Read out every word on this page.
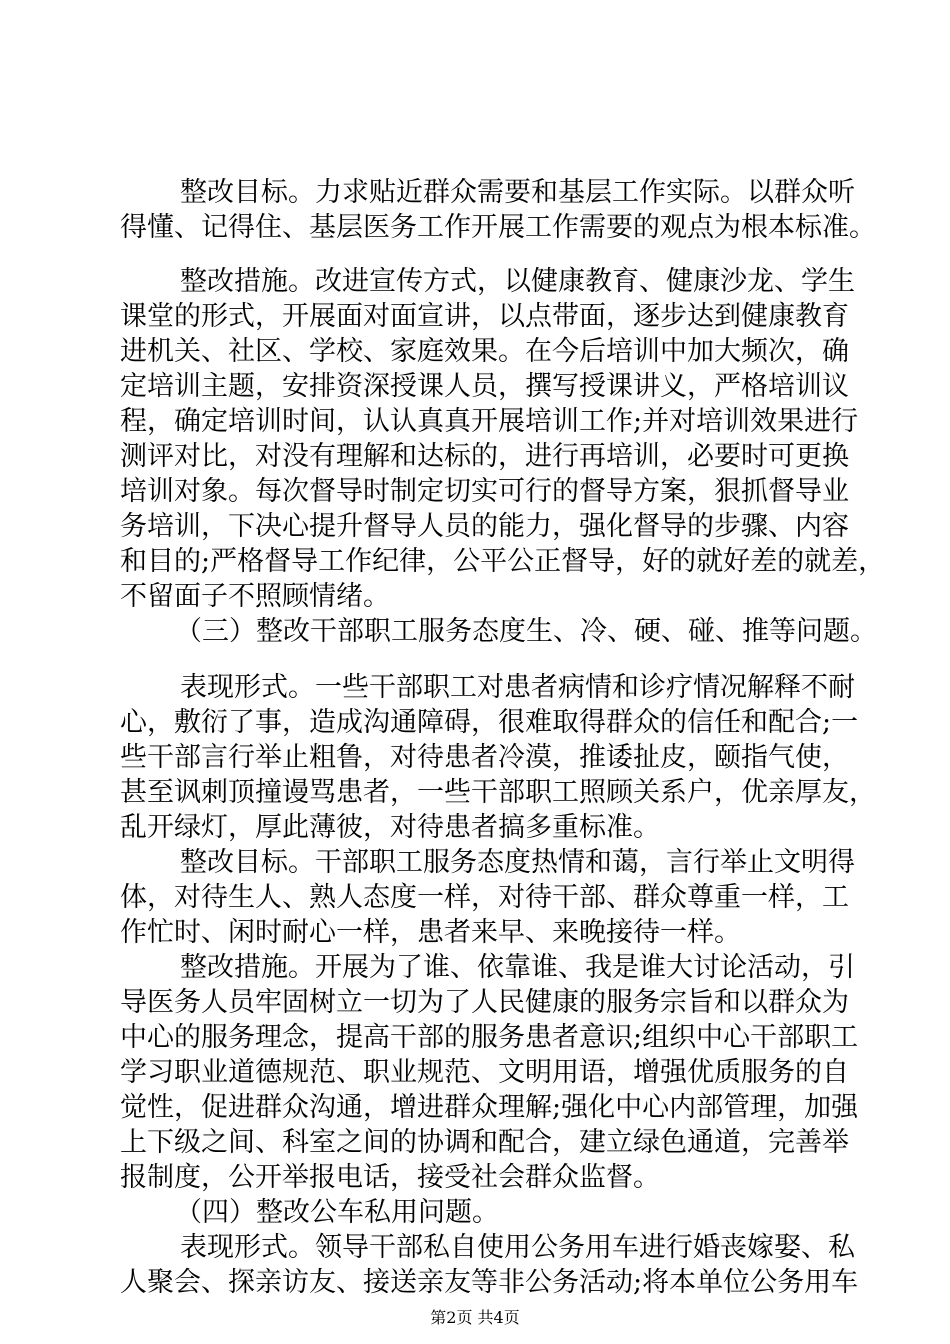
整改目标。力求贴近群众需要和基层工作实际。以群众听
得懂、记得住、基层医务工作开展工作需要的观点为根本标准。
整改措施。改进宣传方式，以健康教育、健康沙龙、学生
课堂的形式，开展面对面宣讲，以点带面，逐步达到健康教育
进机关、社区、学校、家庭效果。在今后培训中加大频次，确
定培训主题，安排资深授课人员，撰写授课讲义，严格培训议
程，确定培训时间，认认真真开展培训工作;并对培训效果进行
测评对比，对没有理解和达标的，进行再培训，必要时可更换
培训对象。每次督导时制定切实可行的督导方案，狠抓督导业
务培训，下决心提升督导人员的能力，强化督导的步骤、内容
和目的;严格督导工作纪律，公平公正督导，好的就好差的就差，
不留面子不照顾情绪。
（三）整改干部职工服务态度生、冷、硬、碰、推等问题。
表现形式。一些干部职工对患者病情和诊疗情况解释不耐
心，敷衍了事，造成沟通障碍，很难取得群众的信任和配合;一
些干部言行举止粗鲁，对待患者冷漠，推诿扯皮，颐指气使，
甚至讽刺顶撞谩骂患者，一些干部职工照顾关系户，优亲厚友，
乱开绿灯，厚此薄彼，对待患者搞多重标准。
整改目标。干部职工服务态度热情和蔼，言行举止文明得
体，对待生人、熟人态度一样，对待干部、群众尊重一样，工
作忙时、闲时耐心一样，患者来早、来晚接待一样。
整改措施。开展为了谁、依靠谁、我是谁大讨论活动，引
导医务人员牢固树立一切为了人民健康的服务宗旨和以群众为
中心的服务理念，提高干部的服务患者意识;组织中心干部职工
学习职业道德规范、职业规范、文明用语，增强优质服务的自
觉性，促进群众沟通，增进群众理解;强化中心内部管理，加强
上下级之间、科室之间的协调和配合，建立绿色通道，完善举
报制度，公开举报电话，接受社会群众监督。
（四）整改公车私用问题。
表现形式。领导干部私自使用公务用车进行婚丧嫁娶、私
人聚会、探亲访友、接送亲友等非公务活动;将本单位公务用车
第2页 共4页
